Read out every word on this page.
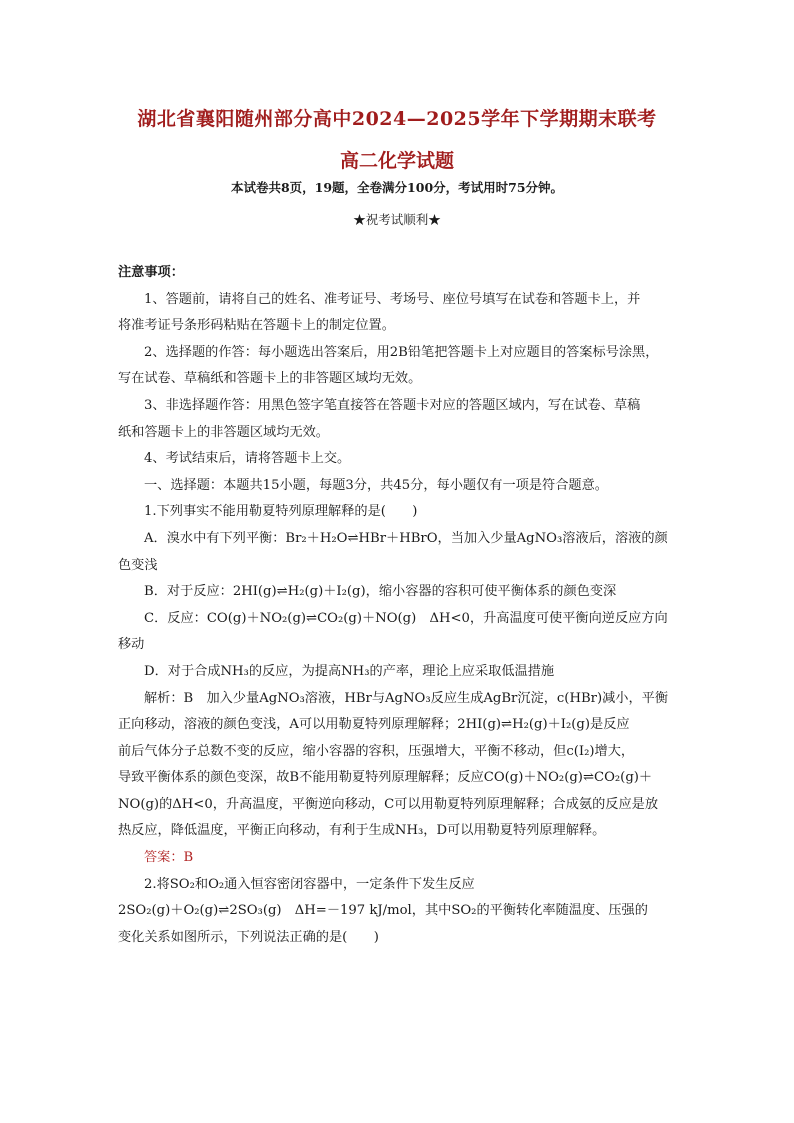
湖北省襄阳随州部分高中2024—2025学年下学期期末联考
高二化学试题
本试卷共8页，19题，全卷满分100分，考试用时75分钟。
★祝考试顺利★

注意事项：

1、答题前，请将自己的姓名、准考证号、考场号、座位号填写在试卷和答题卡上，并

将准考证号条形码粘贴在答题卡上的制定位置。

2、选择题的作答：每小题选出答案后，用2B铅笔把答题卡上对应题目的答案标号涂黑，

写在试卷、草稿纸和答题卡上的非答题区域均无效。

3、非选择题作答：用黑色签字笔直接答在答题卡对应的答题区域内，写在试卷、草稿

纸和答题卡上的非答题区域均无效。

4、考试结束后，请将答题卡上交。

一、选择题：本题共15小题，每题3分，共45分，每小题仅有一项是符合题意。

1.下列事实不能用勒夏特列原理解释的是(　　)

A．溴水中有下列平衡：Br₂＋H₂O⇌HBr＋HBrO，当加入少量AgNO₃溶液后，溶液的颜

色变浅

B．对于反应：2HI(g)⇌H₂(g)＋I₂(g)，缩小容器的容积可使平衡体系的颜色变深

C．反应：CO(g)＋NO₂(g)⇌CO₂(g)＋NO(g)　ΔH<0，升高温度可使平衡向逆反应方向

移动

D．对于合成NH₃的反应，为提高NH₃的产率，理论上应采取低温措施

解析：B　加入少量AgNO₃溶液，HBr与AgNO₃反应生成AgBr沉淀，c(HBr)减小，平衡

正向移动，溶液的颜色变浅，A可以用勒夏特列原理解释；2HI(g)⇌H₂(g)＋I₂(g)是反应

前后气体分子总数不变的反应，缩小容器的容积，压强增大，平衡不移动，但c(I₂)增大，

导致平衡体系的颜色变深，故B不能用勒夏特列原理解释；反应CO(g)＋NO₂(g)⇌CO₂(g)＋

NO(g)的ΔH<0，升高温度，平衡逆向移动，C可以用勒夏特列原理解释；合成氨的反应是放

热反应，降低温度，平衡正向移动，有利于生成NH₃，D可以用勒夏特列原理解释。

答案：B

2.将SO₂和O₂通入恒容密闭容器中，一定条件下发生反应

2SO₂(g)＋O₂(g)⇌2SO₃(g)　ΔH=－197 kJ/mol，其中SO₂的平衡转化率随温度、压强的

变化关系如图所示，下列说法正确的是(　　)
